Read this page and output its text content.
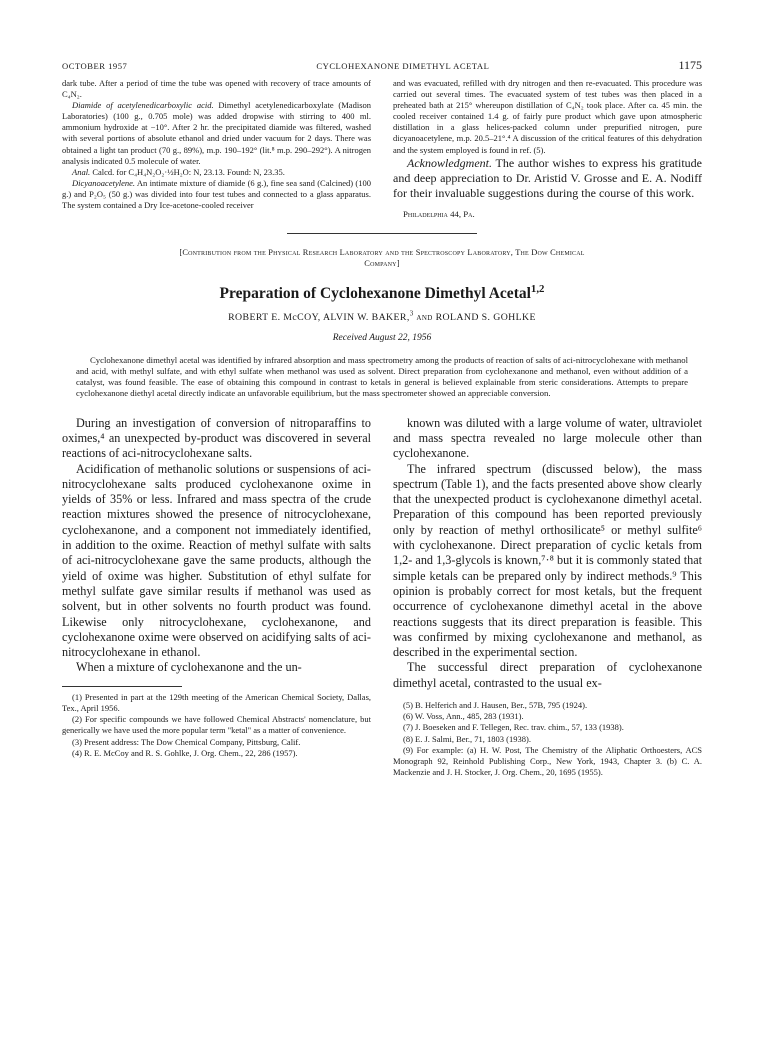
OCTOBER 1957	CYCLOHEXANONE DIMETHYL ACETAL	1175

dark tube. After a period of time the tube was opened with recovery of trace amounts of C₄N₂.

Diamide of acetylenedicarboxylic acid. Dimethyl acetylenedicarboxylate (Madison Laboratories) (100 g., 0.705 mole) was added dropwise with stirring to 400 ml. ammonium hydroxide at −10°. After 2 hr. the precipitated diamide was filtered, washed with several portions of absolute ethanol and dried under vacuum for 2 days. There was obtained a light tan product (70 g., 89%), m.p. 190–192° (lit.⁸ m.p. 290–292°). A nitrogen analysis indicated 0.5 molecule of water.

Anal. Calcd. for C₄H₄N₂O₂·½H₂O: N, 23.13. Found: N, 23.35.

Dicyanoacetylene. An intimate mixture of diamide (6 g.), fine sea sand (Calcined) (100 g.) and P₂O₅ (50 g.) was divided into four test tubes and connected to a glass apparatus. The system contained a Dry Ice-acetone-cooled receiver

and was evacuated, refilled with dry nitrogen and then re-evacuated. This procedure was carried out several times. The evacuated system of test tubes was then placed in a preheated bath at 215° whereupon distillation of C₄N₂ took place. After ca. 45 min. the cooled receiver contained 1.4 g. of fairly pure product which gave upon atmospheric distillation in a glass helices-packed column under prepurified nitrogen, pure dicyanoacetylene, m.p. 20.5–21°.⁴ A discussion of the critical features of this dehydration and the system employed is found in ref. (5).

Acknowledgment. The author wishes to express his gratitude and deep appreciation to Dr. Aristid V. Grosse and E. A. Nodiff for their invaluable suggestions during the course of this work.

Philadelphia 44, Pa.
[Contribution from the Physical Research Laboratory and the Spectroscopy Laboratory, The Dow Chemical
Company]
Preparation of Cyclohexanone Dimethyl Acetal$^{1,2}$
ROBERT E. McCOY, ALVIN W. BAKER,$^3$ and ROLAND S. GOHLKE
Received August 22, 1956

Cyclohexanone dimethyl acetal was identified by infrared absorption and mass spectrometry among the products of reaction of salts of aci-nitrocyclohexane with methanol and acid, with methyl sulfate, and with ethyl sulfate when methanol was used as solvent. Direct preparation from cyclohexanone and methanol, even without addition of a catalyst, was found feasible. The ease of obtaining this compound in contrast to ketals in general is believed explainable from steric considerations. Attempts to prepare cyclohexanone diethyl acetal directly indicate an unfavorable equilibrium, but the mass spectrometer showed an appreciable conversion.

During an investigation of conversion of nitroparaffins to oximes,⁴ an unexpected by-product was discovered in several reactions of aci-nitrocyclohexane salts.

Acidification of methanolic solutions or suspensions of aci-nitrocyclohexane salts produced cyclohexanone oxime in yields of 35% or less. Infrared and mass spectra of the crude reaction mixtures showed the presence of nitrocyclohexane, cyclohexanone, and a component not immediately identified, in addition to the oxime. Reaction of methyl sulfate with salts of aci-nitrocyclohexane gave the same products, although the yield of oxime was higher. Substitution of ethyl sulfate for methyl sulfate gave similar results if methanol was used as solvent, but in other solvents no fourth product was found. Likewise only nitrocyclohexane, cyclohexanone, and cyclohexanone oxime were observed on acidifying salts of aci-nitrocyclohexane in ethanol.

When a mixture of cyclohexanone and the un-

(1) Presented in part at the 129th meeting of the American Chemical Society, Dallas, Tex., April 1956.

(2) For specific compounds we have followed Chemical Abstracts' nomenclature, but generically we have used the more popular term "ketal" as a matter of convenience.

(3) Present address: The Dow Chemical Company, Pittsburg, Calif.

(4) R. E. McCoy and R. S. Gohlke, J. Org. Chem., 22, 286 (1957).

known was diluted with a large volume of water, ultraviolet and mass spectra revealed no large molecule other than cyclohexanone.

The infrared spectrum (discussed below), the mass spectrum (Table 1), and the facts presented above show clearly that the unexpected product is cyclohexanone dimethyl acetal. Preparation of this compound has been reported previously only by reaction of methyl orthosilicate⁵ or methyl sulfite⁶ with cyclohexanone. Direct preparation of cyclic ketals from 1,2- and 1,3-glycols is known,⁷·⁸ but it is commonly stated that simple ketals can be prepared only by indirect methods.⁹ This opinion is probably correct for most ketals, but the frequent occurrence of cyclohexanone dimethyl acetal in the above reactions suggests that its direct preparation is feasible. This was confirmed by mixing cyclohexanone and methanol, as described in the experimental section.

The successful direct preparation of cyclohexanone dimethyl acetal, contrasted to the usual ex-

(5) B. Helferich and J. Hausen, Ber., 57B, 795 (1924).

(6) W. Voss, Ann., 485, 283 (1931).

(7) J. Boeseken and F. Tellegen, Rec. trav. chim., 57, 133 (1938).

(8) E. J. Salmi, Ber., 71, 1803 (1938).

(9) For example: (a) H. W. Post, The Chemistry of the Aliphatic Orthoesters, ACS Monograph 92, Reinhold Publishing Corp., New York, 1943, Chapter 3. (b) C. A. Mackenzie and J. H. Stocker, J. Org. Chem., 20, 1695 (1955).
